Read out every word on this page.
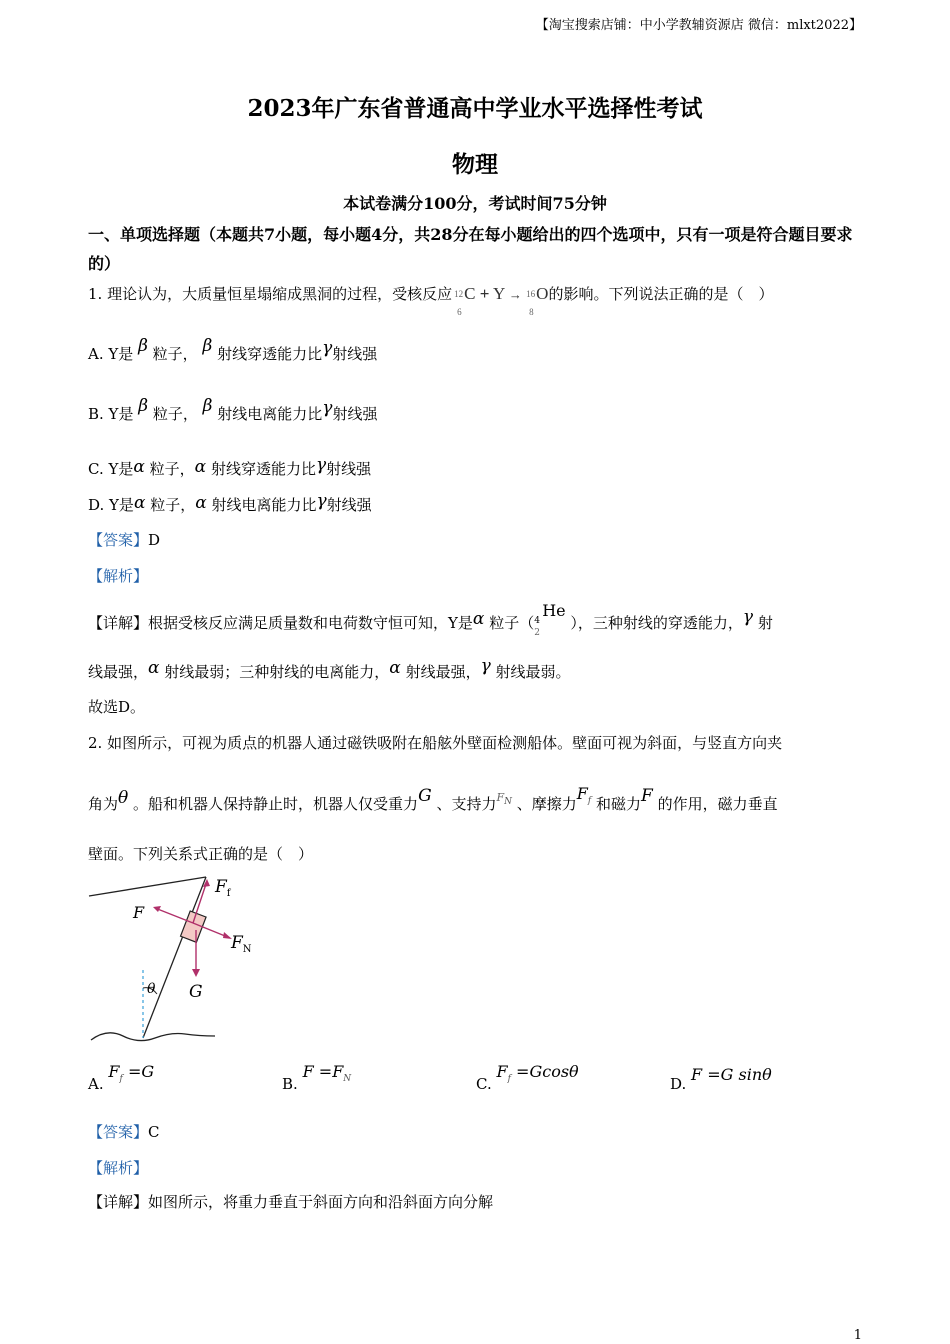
【淘宝搜索店铺：中小学教辅资源店 微信：mlxt2022】
2023年广东省普通高中学业水平选择性考试
物理
本试卷满分100分，考试时间75分钟
一、单项选择题（本题共7小题，每小题4分，共28分在每小题给出的四个选项中，只有一项是符合题目要求的）
1. 理论认为，大质量恒星塌缩成黑洞的过程，受核反应 12
6
C + Y → 16
8
O的影响。下列说法正确的是（　）
A. Y是 β 粒子， β 射线穿透能力比γ射线强
B. Y是 β 粒子， β 射线电离能力比γ射线强
C. Y是α 粒子，α 射线穿透能力比γ射线强
D. Y是α 粒子，α 射线电离能力比γ射线强
【答案】D
【解析】
【详解】根据受核反应满足质量数和电荷数守恒可知，Y是α 粒子（ 4
2
He ），三种射线的穿透能力，γ 射
线最强，α 射线最弱；三种射线的电离能力，α 射线最强，γ 射线最弱。
故选D。
2. 如图所示，可视为质点的机器人通过磁铁吸附在船舷外壁面检测船体。壁面可视为斜面，与竖直方向夹
角为θ 。船和机器人保持静止时，机器人仅受重力G 、支持力$^{F_N}$ 、摩擦力$F_f$ 和磁力F 的作用，磁力垂直
壁面。下列关系式正确的是（　）
$F_f$
F
$F_N$
G
θ
A. $F_f =G$
B. $F =F_N$	C. $F_f =Gcos\theta$
D. F =G sinθ
【答案】C
【解析】
【详解】如图所示，将重力垂直于斜面方向和沿斜面方向分解
1
